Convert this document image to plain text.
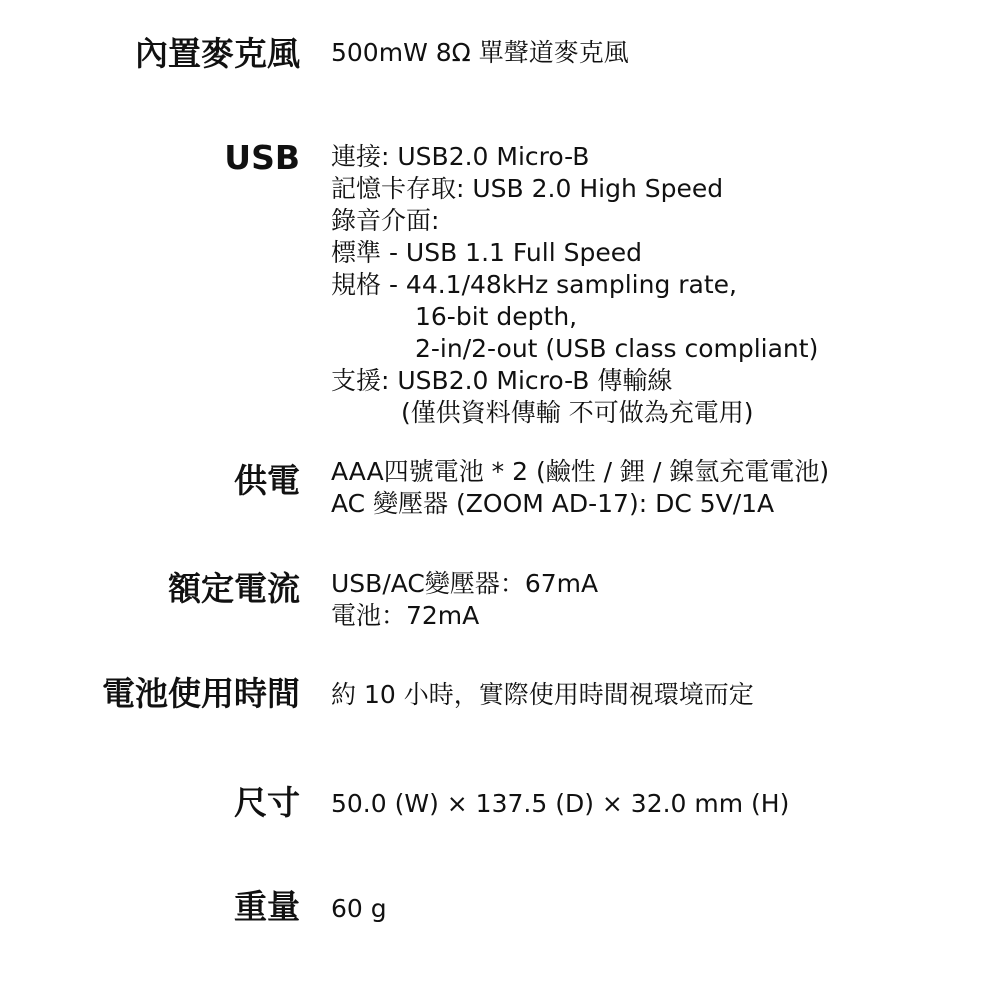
內置麥克風 500mW 8Ω 單聲道麥克風
USB 連接: USB2.0 Micro-B
記憶卡存取: USB 2.0 High Speed
錄音介面:
標準 - USB 1.1 Full Speed
規格 - 44.1/48kHz sampling rate,
16-bit depth,
2-in/2-out (USB class compliant)
支援: USB2.0 Micro-B 傳輸線
(僅供資料傳輸 不可做為充電用)
供電 AAA四號電池 * 2 (鹼性 / 鋰 / 鎳氫充電電池)
AC 變壓器 (ZOOM AD-17): DC 5V/1A
額定電流 USB/AC變壓器：67mA
電池：72mA
電池使用時間 約 10 小時，實際使用時間視環境而定
尺寸 50.0 (W) × 137.5 (D) × 32.0 mm (H)
重量 60 g
